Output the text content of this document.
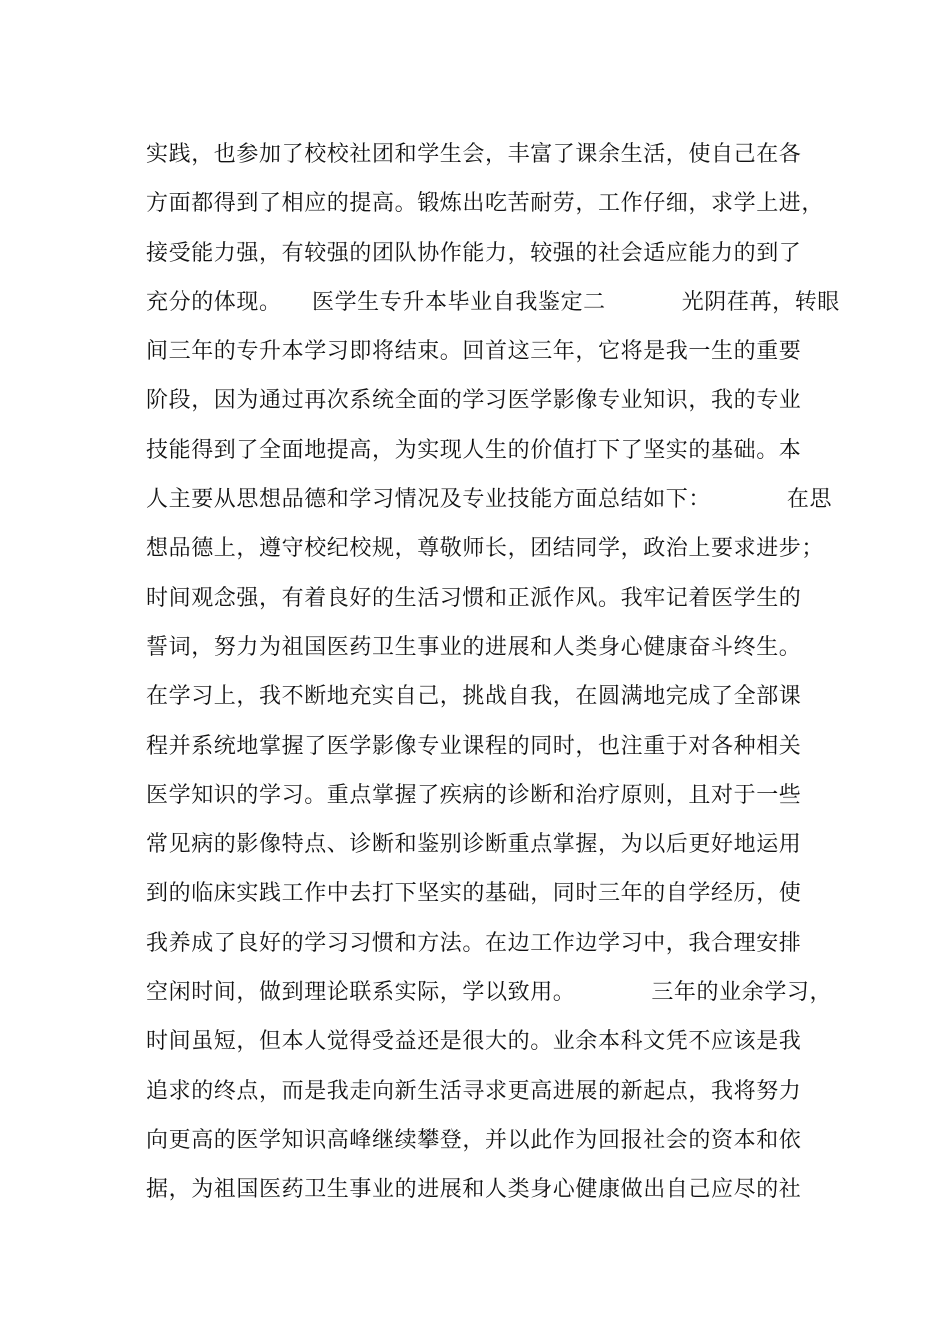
实践，也参加了校校社团和学生会，丰富了课余生活，使自己在各
方面都得到了相应的提高。锻炼出吃苦耐劳，工作仔细，求学上进，
接受能力强，有较强的团队协作能力，较强的社会适应能力的到了
充分的体现。    医学生专升本毕业自我鉴定二          光阴荏苒，转眼
间三年的专升本学习即将结束。回首这三年，它将是我一生的重要
阶段，因为通过再次系统全面的学习医学影像专业知识，我的专业
技能得到了全面地提高，为实现人生的价值打下了坚实的基础。本
人主要从思想品德和学习情况及专业技能方面总结如下：          在思
想品德上，遵守校纪校规，尊敬师长，团结同学，政治上要求进步；
时间观念强，有着良好的生活习惯和正派作风。我牢记着医学生的
誓词，努力为祖国医药卫生事业的进展和人类身心健康奋斗终生。
在学习上，我不断地充实自己，挑战自我，在圆满地完成了全部课
程并系统地掌握了医学影像专业课程的同时，也注重于对各种相关
医学知识的学习。重点掌握了疾病的诊断和治疗原则，且对于一些
常见病的影像特点、诊断和鉴别诊断重点掌握，为以后更好地运用
到的临床实践工作中去打下坚实的基础，同时三年的自学经历，使
我养成了良好的学习习惯和方法。在边工作边学习中，我合理安排
空闲时间，做到理论联系实际，学以致用。          三年的业余学习，
时间虽短，但本人觉得受益还是很大的。业余本科文凭不应该是我
追求的终点，而是我走向新生活寻求更高进展的新起点，我将努力
向更高的医学知识高峰继续攀登，并以此作为回报社会的资本和依
据，为祖国医药卫生事业的进展和人类身心健康做出自己应尽的社
